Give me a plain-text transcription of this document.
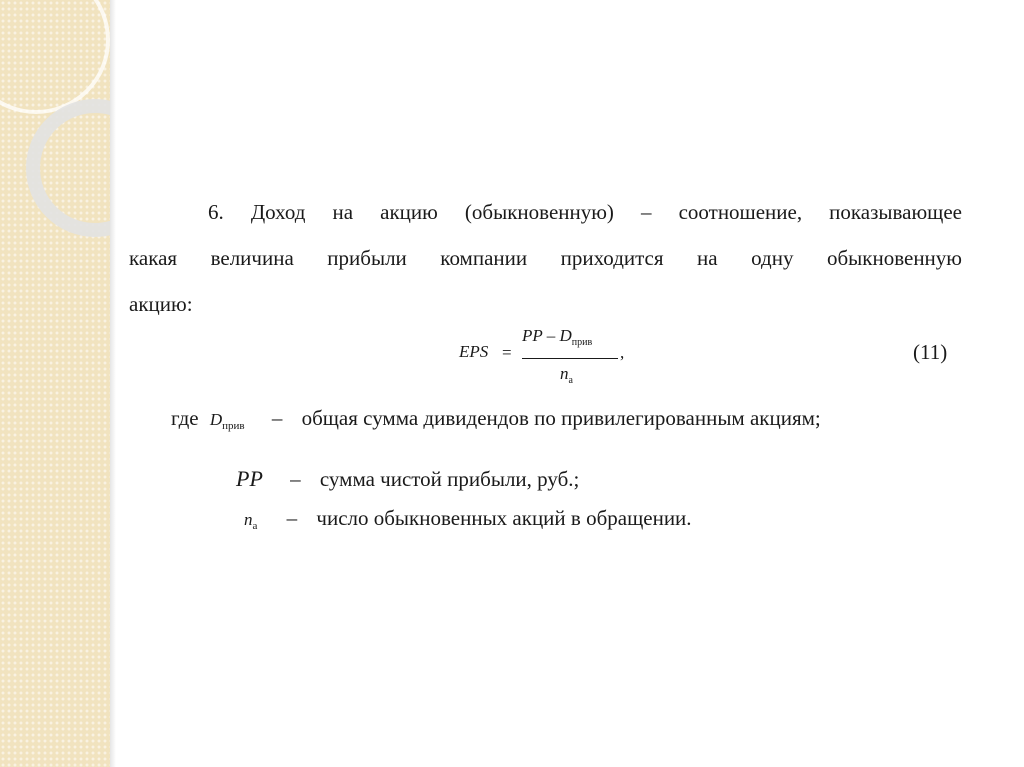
6. Доход на акцию (обыкновенную) – соотношение, показывающее
какая величина прибыли компании приходится на одну обыкновенную
акцию:
EPS =
PP – $D_{прив}$
$n_а$
,	(11)
где Dприв – общая сумма дивидендов по привилегированным акциям;
PP – сумма чистой прибыли, руб.;
nа – число обыкновенных акций в обращении.
